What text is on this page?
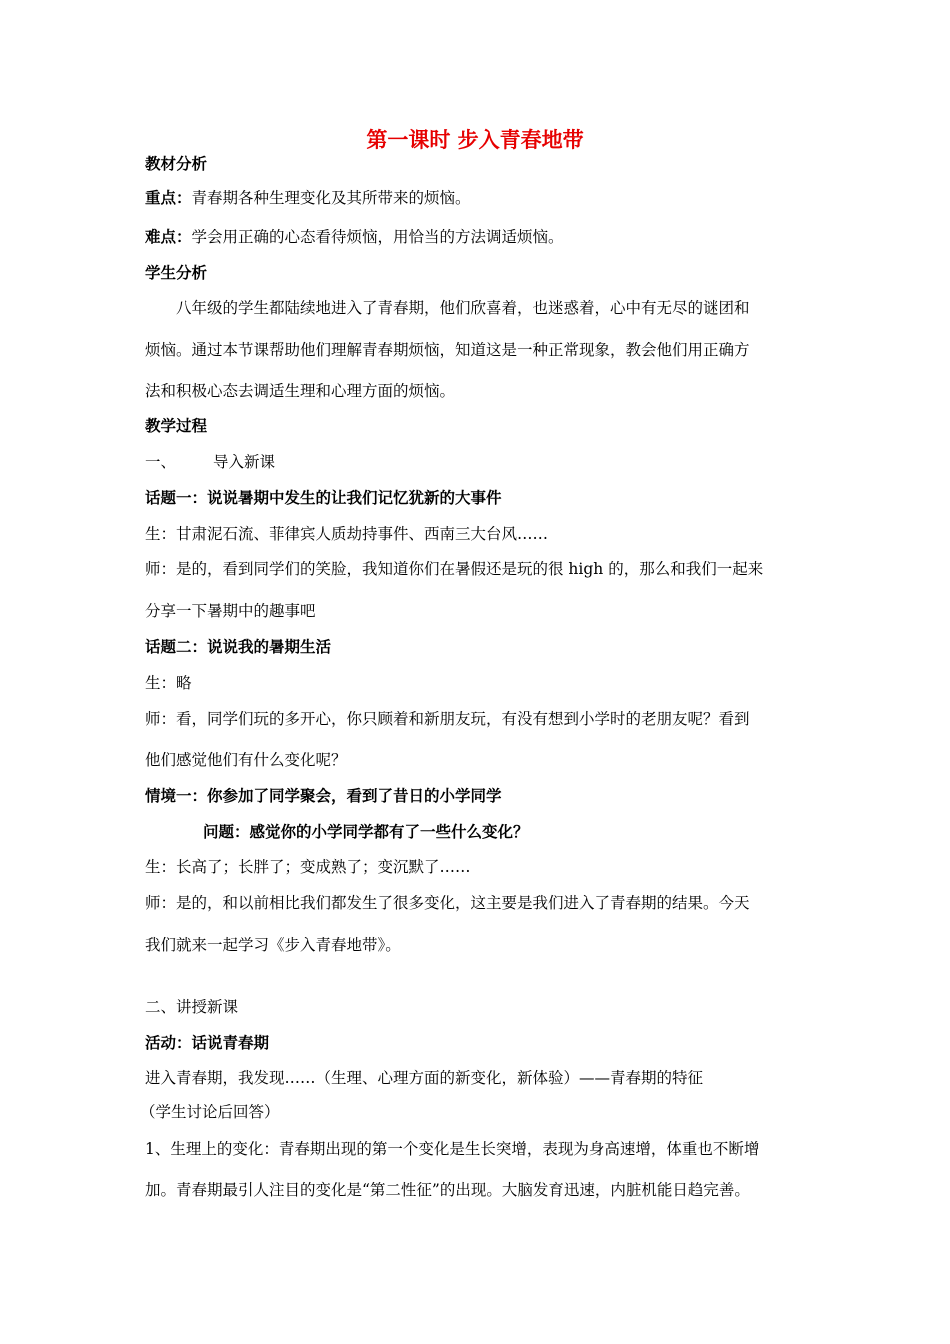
第一课时 步入青春地带
教材分析
重点：青春期各种生理变化及其所带来的烦恼。
难点：学会用正确的心态看待烦恼，用恰当的方法调适烦恼。
学生分析
八年级的学生都陆续地进入了青春期，他们欣喜着，也迷惑着，心中有无尽的谜团和
烦恼。通过本节课帮助他们理解青春期烦恼，知道这是一种正常现象，教会他们用正确方
法和积极心态去调适生理和心理方面的烦恼。
教学过程
一、 导入新课
话题一：说说暑期中发生的让我们记忆犹新的大事件
生：甘肃泥石流、菲律宾人质劫持事件、西南三大台风……
师：是的，看到同学们的笑脸，我知道你们在暑假还是玩的很 high 的，那么和我们一起来
分享一下暑期中的趣事吧
话题二：说说我的暑期生活
生：略
师：看，同学们玩的多开心，你只顾着和新朋友玩，有没有想到小学时的老朋友呢？看到
他们感觉他们有什么变化呢？
情境一：你参加了同学聚会，看到了昔日的小学同学
问题：感觉你的小学同学都有了一些什么变化？
生：长高了；长胖了；变成熟了；变沉默了……
师：是的，和以前相比我们都发生了很多变化，这主要是我们进入了青春期的结果。今天
我们就来一起学习《步入青春地带》。
二、讲授新课
活动：话说青春期
进入青春期，我发现……（生理、心理方面的新变化，新体验）——青春期的特征
（学生讨论后回答）
1、生理上的变化：青春期出现的第一个变化是生长突增，表现为身高速增，体重也不断增
加。青春期最引人注目的变化是“第二性征”的出现。大脑发育迅速，内脏机能日趋完善。
